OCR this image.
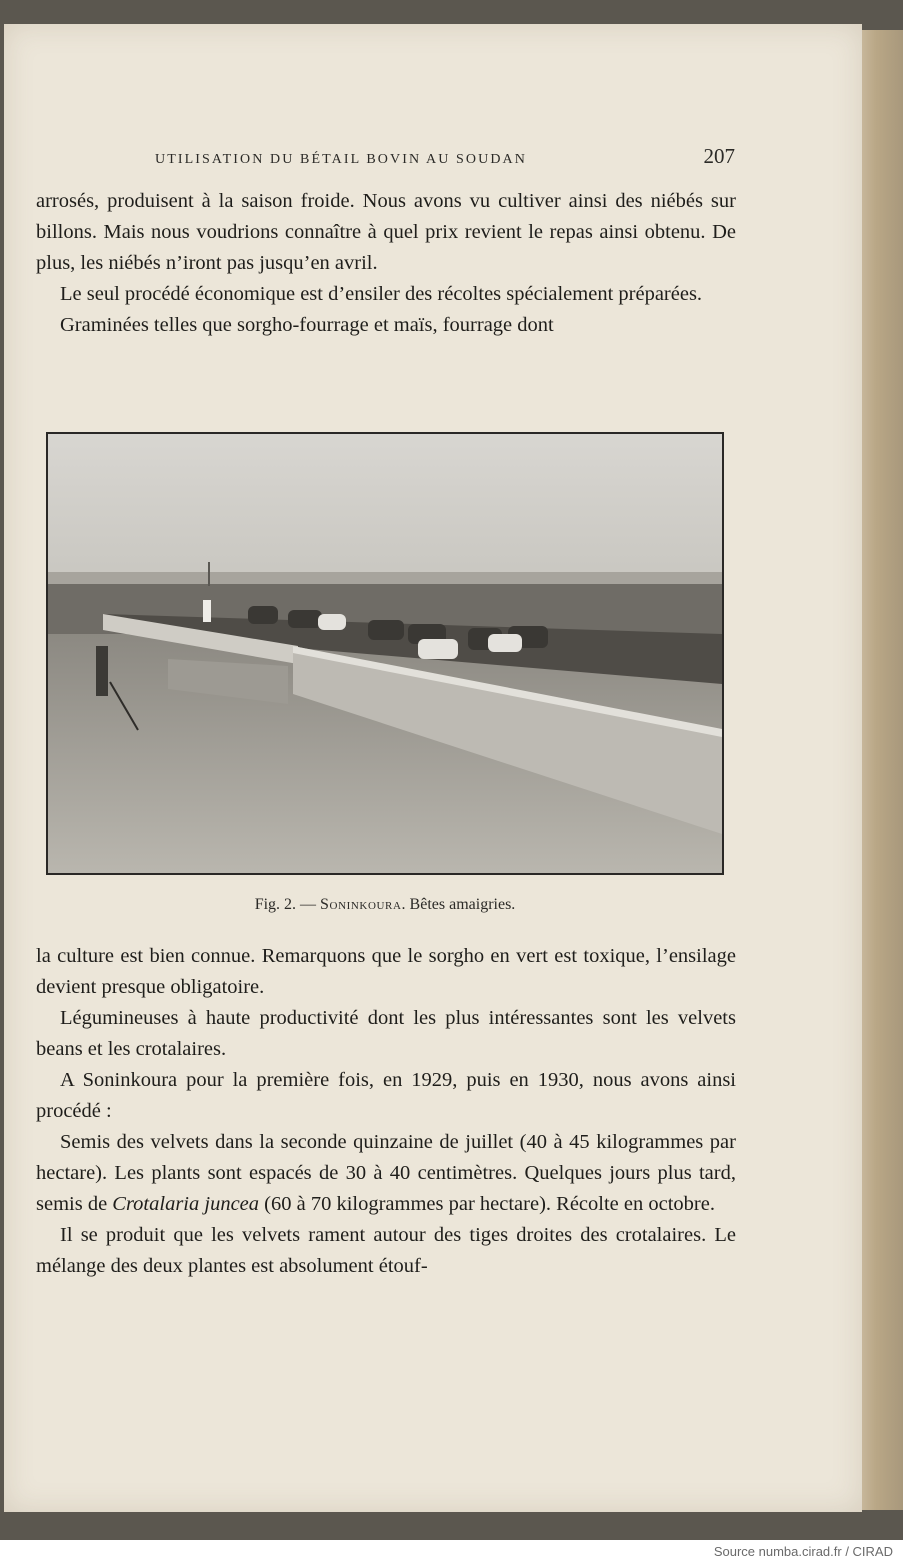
UTILISATION DU BÉTAIL BOVIN AU SOUDAN	207

arrosés, produisent à la saison froide. Nous avons vu cultiver ainsi des niébés sur billons. Mais nous voudrions connaître à quel prix revient le repas ainsi obtenu. De plus, les niébés n’iront pas jusqu’en avril.

Le seul procédé économique est d’ensiler des récoltes spécialement préparées.

Graminées telles que sorgho-fourrage et maïs, fourrage dont

Fig. 2. — Soninkoura. Bêtes amaigries.

la culture est bien connue. Remarquons que le sorgho en vert est toxique, l’ensilage devient presque obligatoire.

Légumineuses à haute productivité dont les plus intéressantes sont les velvets beans et les crotalaires.

A Soninkoura pour la première fois, en 1929, puis en 1930, nous avons ainsi procédé :

Semis des velvets dans la seconde quinzaine de juillet (40 à 45 kilogrammes par hectare). Les plants sont espacés de 30 à 40 centimètres. Quelques jours plus tard, semis de Crotalaria juncea (60 à 70 kilogrammes par hectare). Récolte en octobre.

Il se produit que les velvets rament autour des tiges droites des crotalaires. Le mélange des deux plantes est absolument étouf-

Source numba.cirad.fr / CIRAD
